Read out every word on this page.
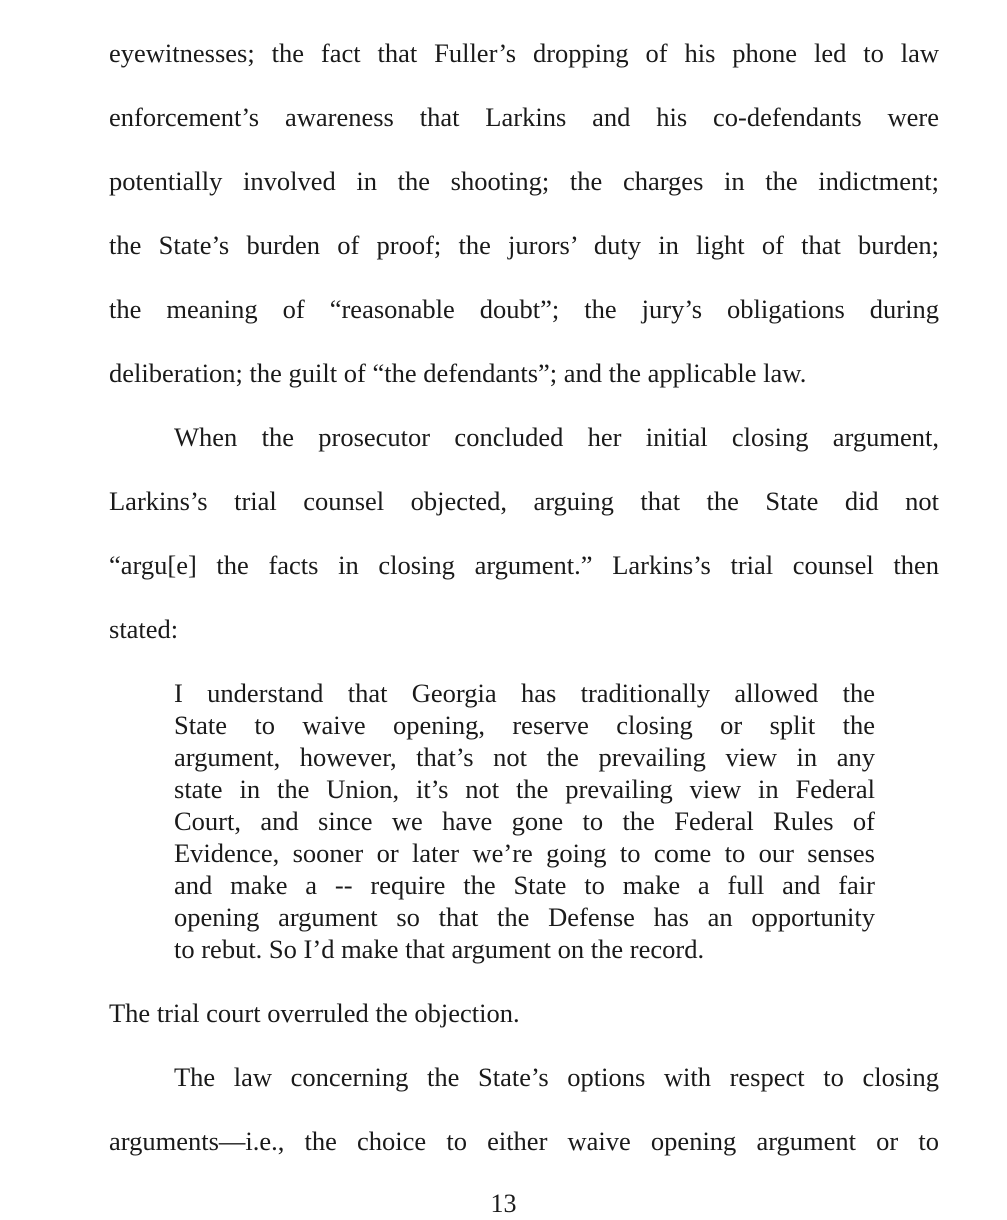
eyewitnesses; the fact that Fuller’s dropping of his phone led to law
enforcement’s awareness that Larkins and his co-defendants were
potentially involved in the shooting; the charges in the indictment;
the State’s burden of proof; the jurors’ duty in light of that burden;
the meaning of “reasonable doubt”; the jury’s obligations during
deliberation; the guilt of “the defendants”; and the applicable law.
When the prosecutor concluded her initial closing argument,
Larkins’s trial counsel objected, arguing that the State did not
“argu[e] the facts in closing argument.” Larkins’s trial counsel then
stated:
I understand that Georgia has traditionally allowed the
State to waive opening, reserve closing or split the
argument, however, that’s not the prevailing view in any
state in the Union, it’s not the prevailing view in Federal
Court, and since we have gone to the Federal Rules of
Evidence, sooner or later we’re going to come to our senses
and make a -- require the State to make a full and fair
opening argument so that the Defense has an opportunity
to rebut. So I’d make that argument on the record.
The trial court overruled the objection.
The law concerning the State’s options with respect to closing
arguments—i.e., the choice to either waive opening argument or to
13
